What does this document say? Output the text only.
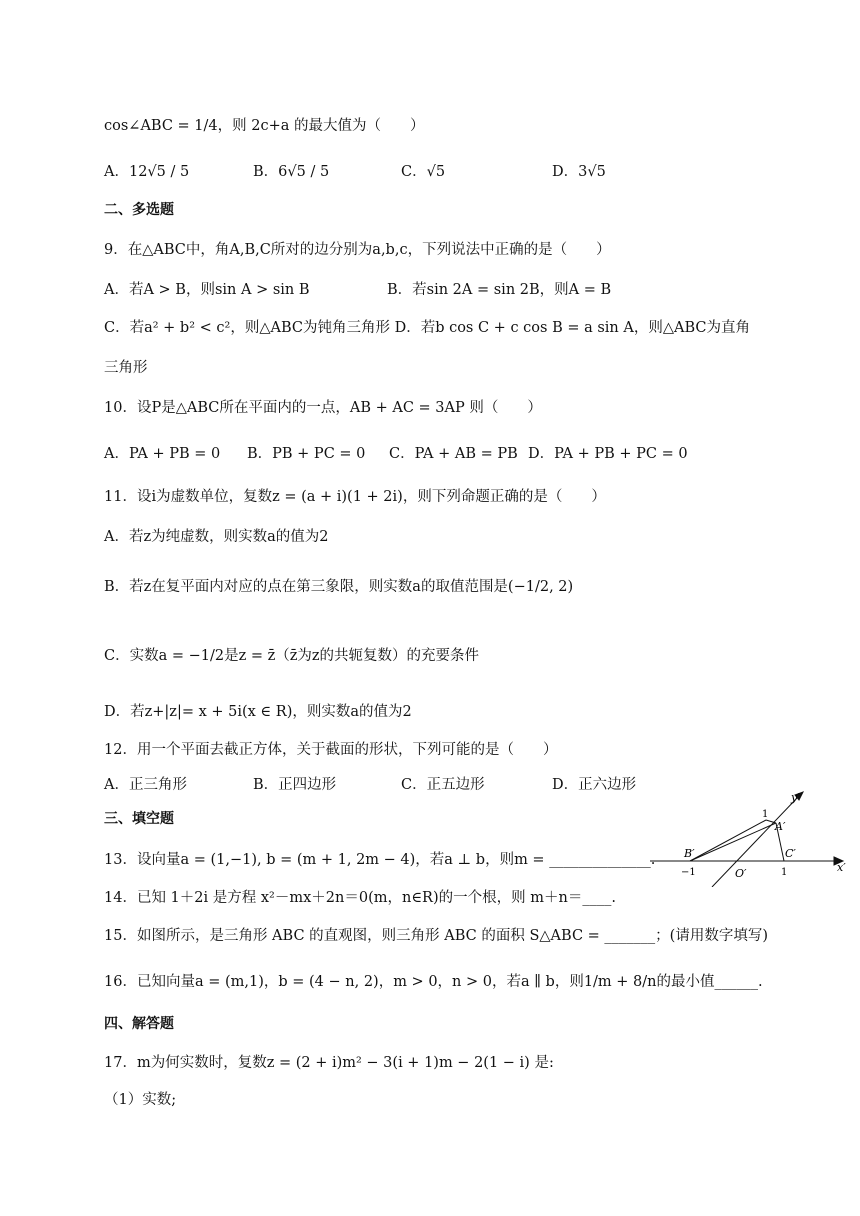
cos∠ABC = 1/4，则 2c+a 的最大值为（　　）
A．12√5 / 5	B．6√5 / 5	C．√5	D．3√5
二、多选题
9．在△ABC中，角A,B,C所对的边分别为a,b,c，下列说法中正确的是（　　）
A．若A > B，则sin A > sin B	B．若sin 2A = sin 2B，则A = B
C．若a² + b² < c²，则△ABC为钝角三角形 D．若b cos C + c cos B = a sin A，则△ABC为直角
三角形
10．设P是△ABC所在平面内的一点，AB + AC = 3AP 则（　　）
A．PA + PB = 0 B．PB + PC = 0 C．PA + AB = PB D．PA + PB + PC = 0
11．设i为虚数单位，复数z = (a + i)(1 + 2i)，则下列命题正确的是（　　）
A．若z为纯虚数，则实数a的值为2
B．若z在复平面内对应的点在第三象限，则实数a的取值范围是(−1/2, 2)
C．实数a = −1/2是z = z̄（z̄为z的共轭复数）的充要条件
D．若z+|z|= x + 5i(x ∈ R)，则实数a的值为2
12．用一个平面去截正方体，关于截面的形状，下列可能的是（　　）
A．正三角形	B．正四边形	C．正五边形	D．正六边形
三、填空题
13．设向量a = (1,−1), b = (m + 1, 2m − 4)，若a ⊥ b，则m = ______________.
14．已知 1＋2i 是方程 x²－mx＋2n＝0(m，n∈R)的一个根，则 m＋n＝____.
15．如图所示，是三角形 ABC 的直观图，则三角形 ABC 的面积 S△ABC = _______；(请用数字填写)
16．已知向量a = (m,1)，b = (4 − n, 2)，m > 0，n > 0，若a ∥ b，则1/m + 8/n的最小值______.
四、解答题
17．m为何实数时，复数z = (2 + i)m² − 3(i + 1)m − 2(1 − i) 是:
（1）实数;
y′
x′
1
A′
B′	C′
O′
−1	1
